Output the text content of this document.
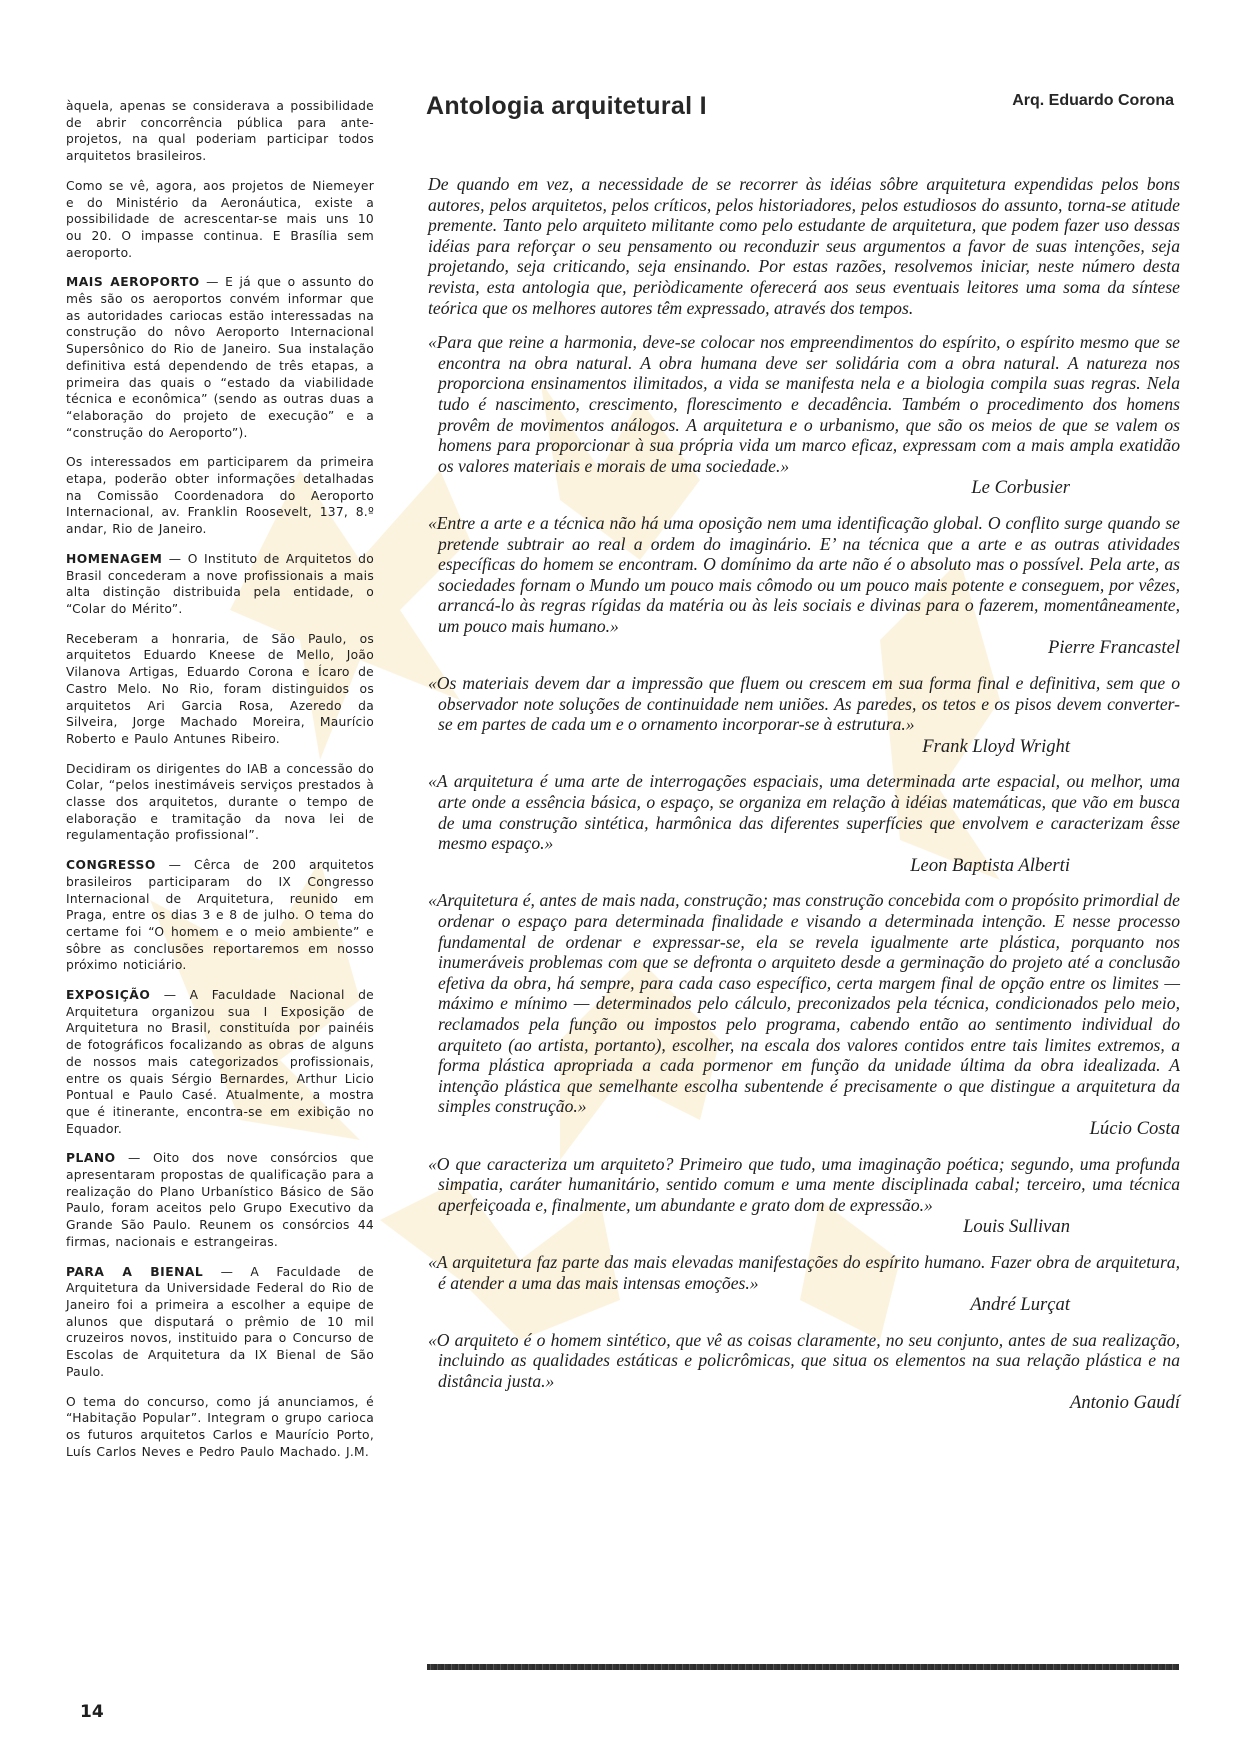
àquela, apenas se considerava a possibilidade de abrir concorrência pública para ante-projetos, na qual poderiam participar todos arquitetos brasileiros.

Como se vê, agora, aos projetos de Niemeyer e do Ministério da Aeronáutica, existe a possibilidade de acrescentar-se mais uns 10 ou 20. O impasse continua. E Brasília sem aeroporto.

MAIS AEROPORTO — E já que o assunto do mês são os aeroportos convém informar que as autoridades cariocas estão interessadas na construção do nôvo Aeroporto Internacional Supersônico do Rio de Janeiro. Sua instalação definitiva está dependendo de três etapas, a primeira das quais o “estado da viabilidade técnica e econômica” (sendo as outras duas a “elaboração do projeto de execução” e a “construção do Aeroporto”).

Os interessados em participarem da primeira etapa, poderão obter informações detalhadas na Comissão Coordenadora do Aeroporto Internacional, av. Franklin Roosevelt, 137, 8.º andar, Rio de Janeiro.

HOMENAGEM — O Instituto de Arquitetos do Brasil concederam a nove profissionais a mais alta distinção distribuida pela entidade, o “Colar do Mérito”.

Receberam a honraria, de São Paulo, os arquitetos Eduardo Kneese de Mello, João Vilanova Artigas, Eduardo Corona e Ícaro de Castro Melo. No Rio, foram distinguidos os arquitetos Ari Garcia Rosa, Azeredo da Silveira, Jorge Machado Moreira, Maurício Roberto e Paulo Antunes Ribeiro.

Decidiram os dirigentes do IAB a concessão do Colar, “pelos inestimáveis serviços prestados à classe dos arquitetos, durante o tempo de elaboração e tramitação da nova lei de regulamentação profissional”.

CONGRESSO — Cêrca de 200 arquitetos brasileiros participaram do IX Congresso Internacional de Arquitetura, reunido em Praga, entre os dias 3 e 8 de julho. O tema do certame foi “O homem e o meio ambiente” e sôbre as conclusões reportaremos em nosso próximo noticiário.

EXPOSIÇÃO — A Faculdade Nacional de Arquitetura organizou sua I Exposição de Arquitetura no Brasil, constituída por painéis de fotográficos focalizando as obras de alguns de nossos mais categorizados profissionais, entre os quais Sérgio Bernardes, Arthur Licio Pontual e Paulo Casé. Atualmente, a mostra que é itinerante, encontra-se em exibição no Equador.

PLANO — Oito dos nove consórcios que apresentaram propostas de qualificação para a realização do Plano Urbanístico Básico de São Paulo, foram aceitos pelo Grupo Executivo da Grande São Paulo. Reunem os consórcios 44 firmas, nacionais e estrangeiras.

PARA A BIENAL — A Faculdade de Arquitetura da Universidade Federal do Rio de Janeiro foi a primeira a escolher a equipe de alunos que disputará o prêmio de 10 mil cruzeiros novos, instituido para o Concurso de Escolas de Arquitetura da IX Bienal de São Paulo.

O tema do concurso, como já anunciamos, é “Habitação Popular”. Integram o grupo carioca os futuros arquitetos Carlos e Maurício Porto, Luís Carlos Neves e Pedro Paulo Machado. J.M.

14
Antologia arquitetural I	Arq. Eduardo Corona

De quando em vez, a necessidade de se recorrer às idéias sôbre arquitetura expendidas pelos bons autores, pelos arquitetos, pelos críticos, pelos historiadores, pelos estudiosos do assunto, torna-se atitude premente. Tanto pelo arquiteto militante como pelo estudante de arquitetura, que podem fazer uso dessas idéias para reforçar o seu pensamento ou reconduzir seus argumentos a favor de suas intenções, seja projetando, seja criticando, seja ensinando. Por estas razões, resolvemos iniciar, neste número desta revista, esta antologia que, periòdicamente oferecerá aos seus eventuais leitores uma soma da síntese teórica que os melhores autores têm expressado, através dos tempos.

«Para que reine a harmonia, deve-se colocar nos empreendimentos do espírito, o espírito mesmo que se encontra na obra natural. A obra humana deve ser solidária com a obra natural. A natureza nos proporciona ensinamentos ilimitados, a vida se manifesta nela e a biologia compila suas regras. Nela tudo é nascimento, crescimento, florescimento e decadência. Também o procedimento dos homens provêm de movimentos análogos. A arquitetura e o urbanismo, que são os meios de que se valem os homens para proporcionar à sua própria vida um marco eficaz, expressam com a mais ampla exatidão os valores materiais e morais de uma sociedade.»
Le Corbusier
«Entre a arte e a técnica não há uma oposição nem uma identificação global. O conflito surge quando se pretende subtrair ao real a ordem do imaginário. E’ na técnica que a arte e as outras atividades específicas do homem se encontram. O domínimo da arte não é o absoluto mas o possível. Pela arte, as sociedades fornam o Mundo um pouco mais cômodo ou um pouco mais potente e conseguem, por vêzes, arrancá-lo às regras rígidas da matéria ou às leis sociais e divinas para o fazerem, momentâneamente, um pouco mais humano.»
Pierre Francastel
«Os materiais devem dar a impressão que fluem ou crescem em sua forma final e definitiva, sem que o observador note soluções de continuidade nem uniões. As paredes, os tetos e os pisos devem converter-se em partes de cada um e o ornamento incorporar-se à estrutura.»
Frank Lloyd Wright
«A arquitetura é uma arte de interrogações espaciais, uma determinada arte espacial, ou melhor, uma arte onde a essência básica, o espaço, se organiza em relação à idéias matemáticas, que vão em busca de uma construção sintética, harmônica das diferentes superfícies que envolvem e caracterizam êsse mesmo espaço.»
Leon Baptista Alberti
«Arquitetura é, antes de mais nada, construção; mas construção concebida com o propósito primordial de ordenar o espaço para determinada finalidade e visando a determinada intenção. E nesse processo fundamental de ordenar e expressar-se, ela se revela igualmente arte plástica, porquanto nos inumeráveis problemas com que se defronta o arquiteto desde a germinação do projeto até a conclusão efetiva da obra, há sempre, para cada caso específico, certa margem final de opção entre os limites — máximo e mínimo — determinados pelo cálculo, preconizados pela técnica, condicionados pelo meio, reclamados pela função ou impostos pelo programa, cabendo então ao sentimento individual do arquiteto (ao artista, portanto), escolher, na escala dos valores contidos entre tais limites extremos, a forma plástica apropriada a cada pormenor em função da unidade última da obra idealizada. A intenção plástica que semelhante escolha subentende é precisamente o que distingue a arquitetura da simples construção.»
Lúcio Costa
«O que caracteriza um arquiteto? Primeiro que tudo, uma imaginação poética; segundo, uma profunda simpatia, caráter humanitário, sentido comum e uma mente disciplinada cabal; terceiro, uma técnica aperfeiçoada e, finalmente, um abundante e grato dom de expressão.»
Louis Sullivan
«A arquitetura faz parte das mais elevadas manifestações do espírito humano. Fazer obra de arquitetura, é atender a uma das mais intensas emoções.»
André Lurçat
«O arquiteto é o homem sintético, que vê as coisas claramente, no seu conjunto, antes de sua realização, incluindo as qualidades estáticas e policrômicas, que situa os elementos na sua relação plástica e na distância justa.»
Antonio Gaudí
